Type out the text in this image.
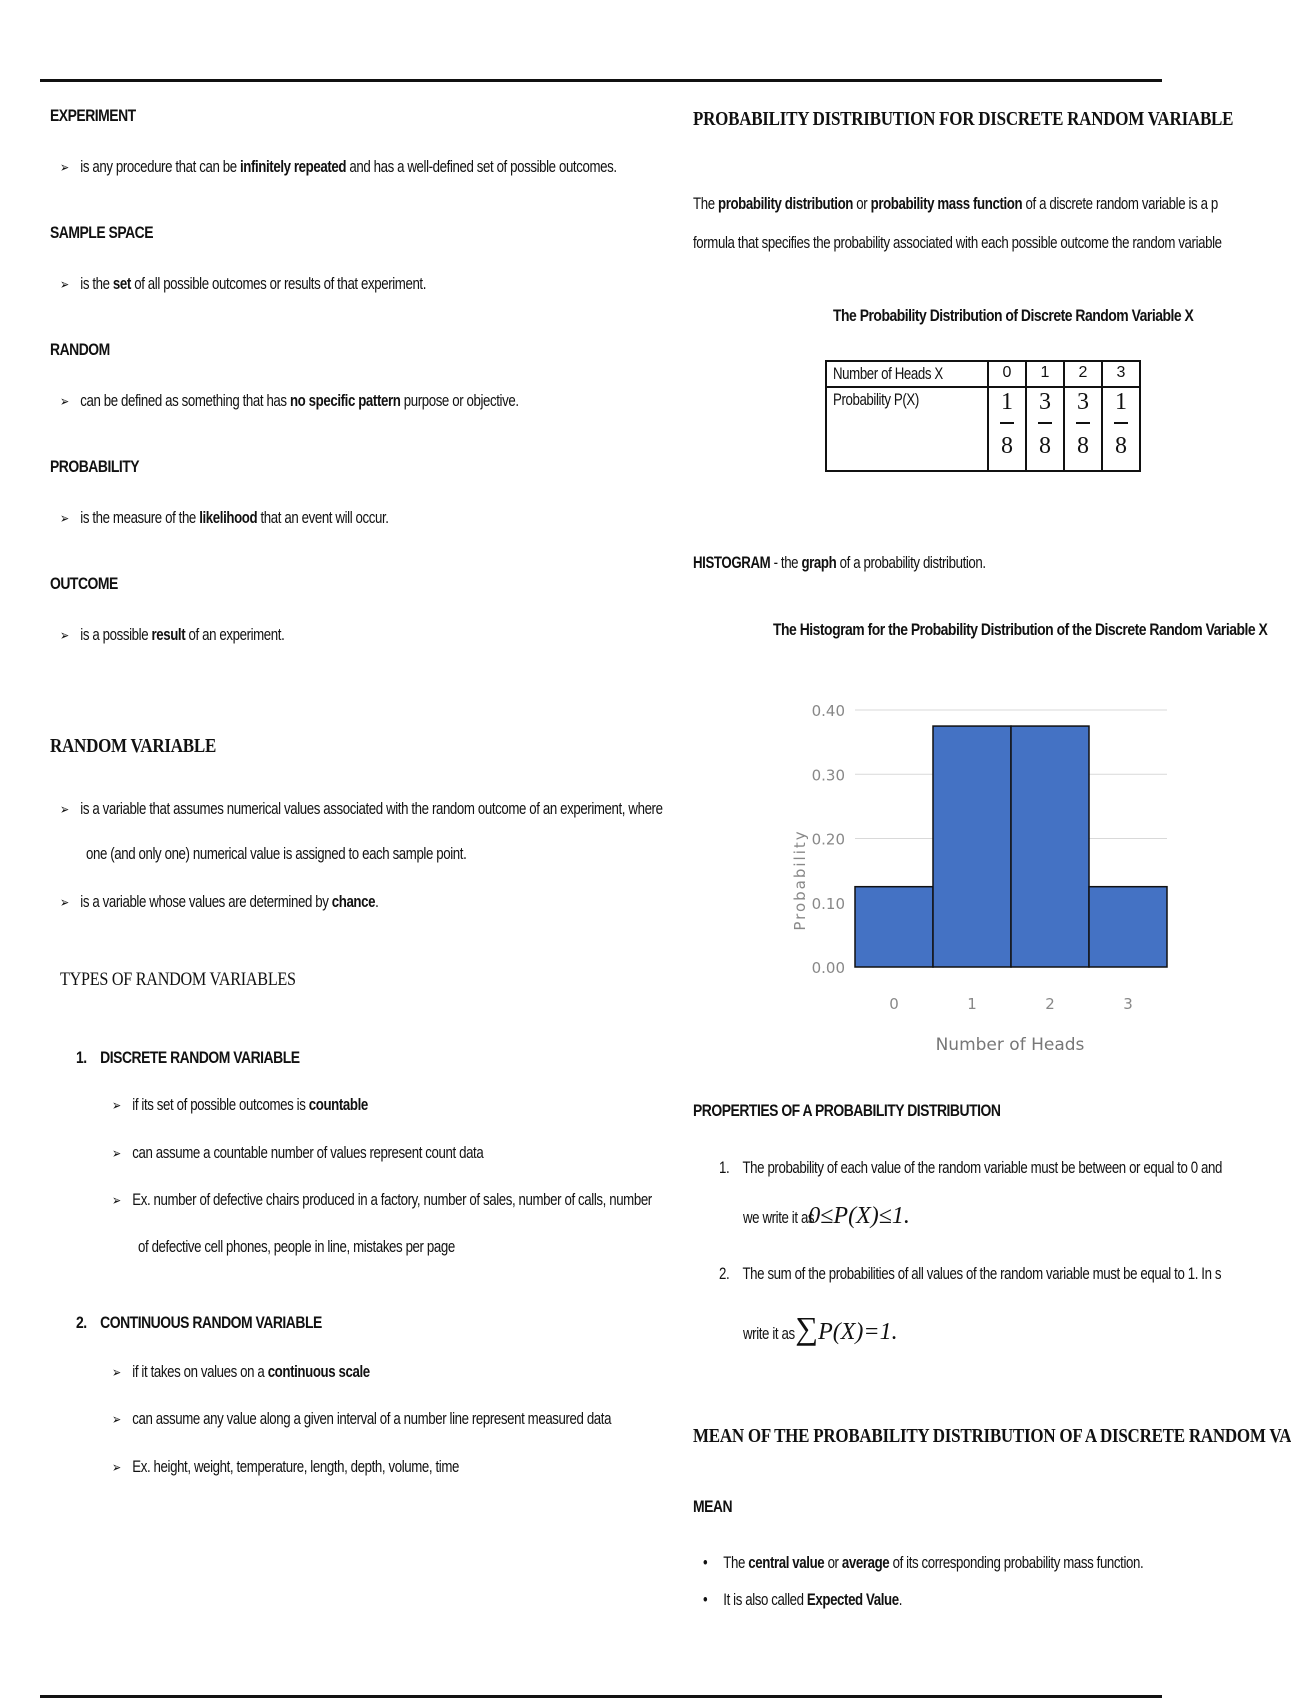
EXPERIMENT
➢ is any procedure that can be infinitely repeated and has a well-defined set of possible outcomes.
SAMPLE SPACE
➢ is the set of all possible outcomes or results of that experiment.
RANDOM
➢ can be defined as something that has no specific pattern purpose or objective.
PROBABILITY
➢ is the measure of the likelihood that an event will occur.
OUTCOME
➢ is a possible result of an experiment.
RANDOM VARIABLE
➢ is a variable that assumes numerical values associated with the random outcome of an experiment, where
one (and only one) numerical value is assigned to each sample point.
➢ is a variable whose values are determined by chance.
TYPES OF RANDOM VARIABLES
1. DISCRETE RANDOM VARIABLE
➢ if its set of possible outcomes is countable
➢ can assume a countable number of values represent count data
➢ Ex. number of defective chairs produced in a factory, number of sales, number of calls, number
of defective cell phones, people in line, mistakes per page
2. CONTINUOUS RANDOM VARIABLE
➢ if it takes on values on a continuous scale
➢ can assume any value along a given interval of a number line represent measured data
➢ Ex. height, weight, temperature, length, depth, volume, time
PROBABILITY DISTRIBUTION FOR DISCRETE RANDOM VARIABLE
The probability distribution or probability mass function of a discrete random variable is a p
formula that specifies the probability associated with each possible outcome the random variable
The Probability Distribution of Discrete Random Variable X
Number of Heads X	0	1	2	3
Probability P(X)	$\frac{1}{8}$	$\frac{3}{8}$	$\frac{3}{8}$	$\frac{1}{8}$
HISTOGRAM - the graph of a probability distribution.
The Histogram for the Probability Distribution of the Discrete Random Variable X
0.00
0.10
0.20
0.30
0.40
0	1	2	3
Probability
Number of Heads
PROPERTIES OF A PROBABILITY DISTRIBUTION
1. The probability of each value of the random variable must be between or equal to 0 and
we write it as0≤P(X)≤1.
2. The sum of the probabilities of all values of the random variable must be equal to 1. In s
write it as∑P(X)=1.
MEAN OF THE PROBABILITY DISTRIBUTION OF A DISCRETE RANDOM VA
MEAN
• The central value or average of its corresponding probability mass function.
• It is also called Expected Value.
